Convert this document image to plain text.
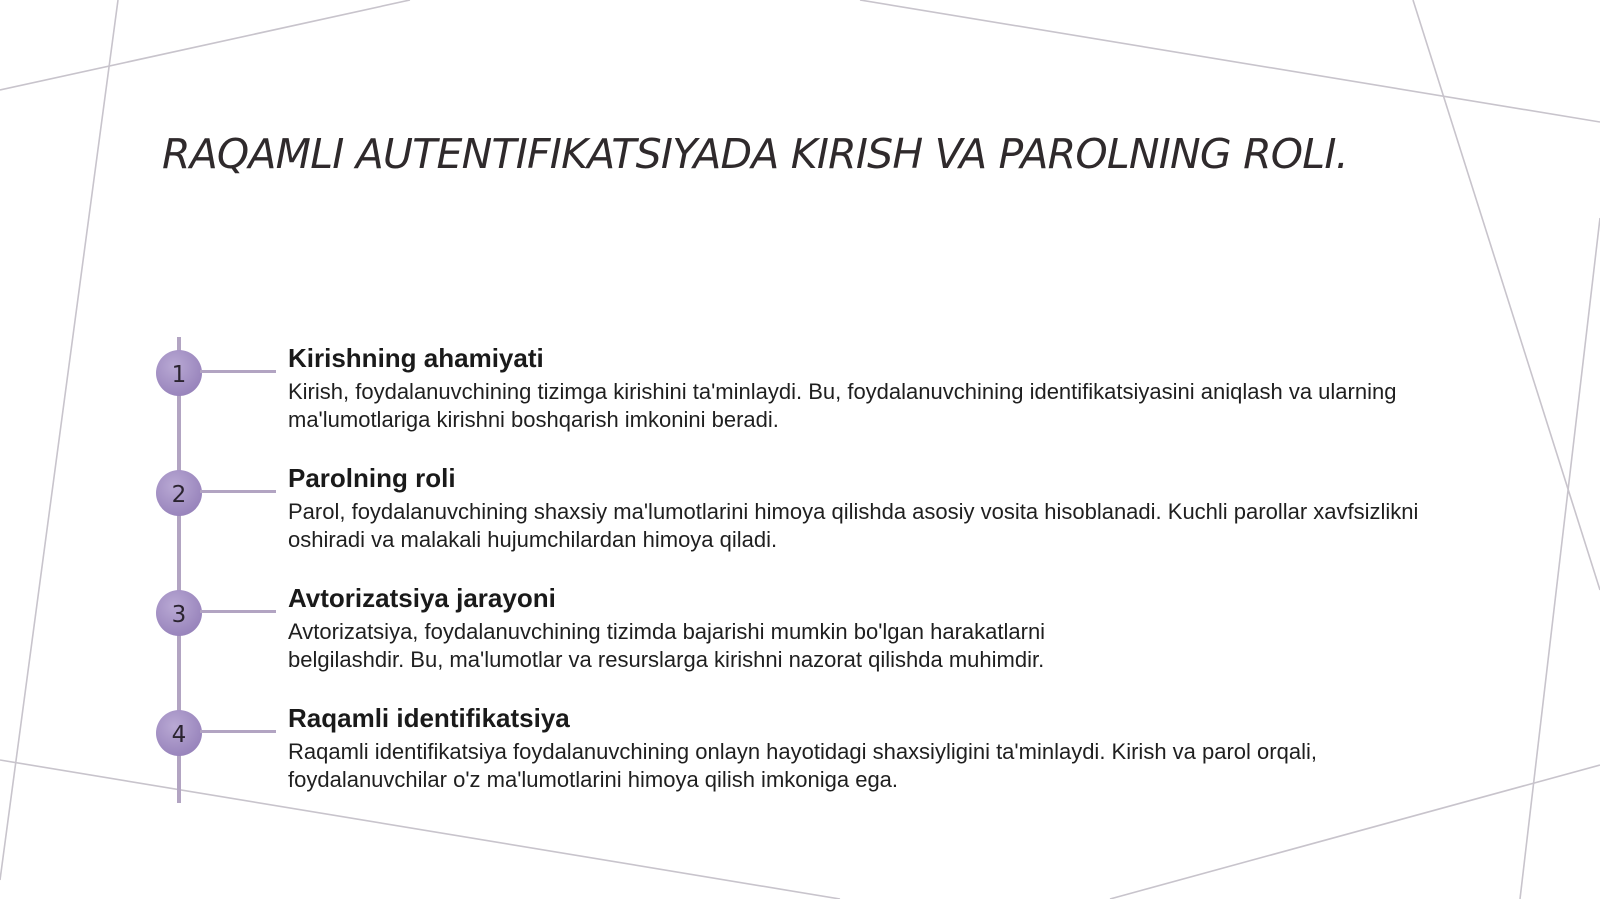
RAQAMLI AUTENTIFIKATSIYADA KIRISH VA PAROLNING ROLI.
1
Kirishning ahamiyati

Kirish, foydalanuvchining tizimga kirishini ta'minlaydi. Bu, foydalanuvchining identifikatsiyasini aniqlash va ularning ma'lumotlariga kirishni boshqarish imkonini beradi.

2
Parolning roli

Parol, foydalanuvchining shaxsiy ma'lumotlarini himoya qilishda asosiy vosita hisoblanadi. Kuchli parollar xavfsizlikni oshiradi va malakali hujumchilardan himoya qiladi.

3
Avtorizatsiya jarayoni

Avtorizatsiya, foydalanuvchining tizimda bajarishi mumkin bo'lgan harakatlarni belgilashdir. Bu, ma'lumotlar va resurslarga kirishni nazorat qilishda muhimdir.

4
Raqamli identifikatsiya

Raqamli identifikatsiya foydalanuvchining onlayn hayotidagi shaxsiyligini ta'minlaydi. Kirish va parol orqali, foydalanuvchilar o'z ma'lumotlarini himoya qilish imkoniga ega.
